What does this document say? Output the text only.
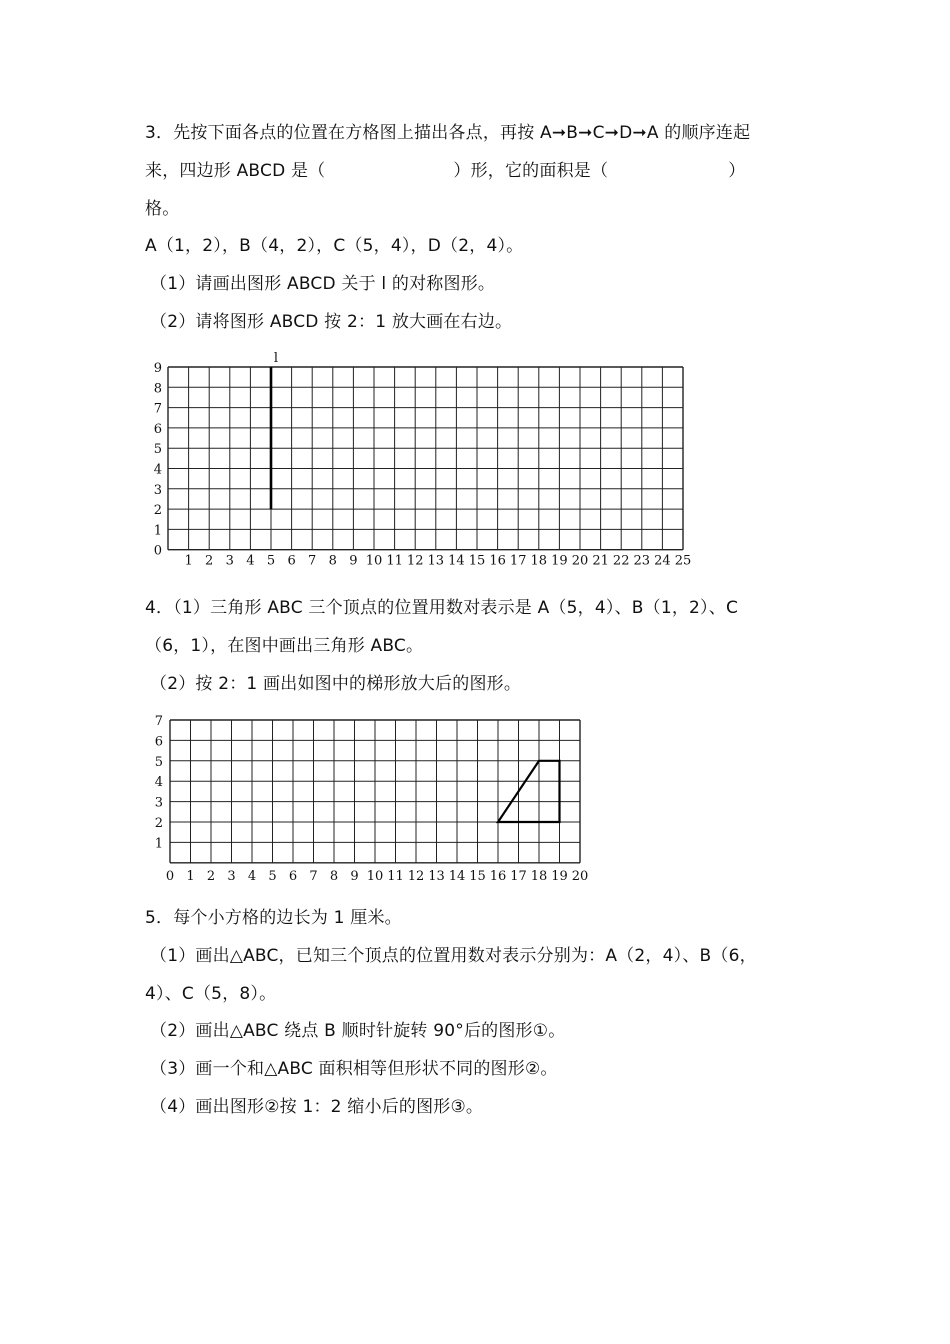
3．先按下面各点的位置在方格图上描出各点，再按 A➞B➞C➞D➞A 的顺序连起
来，四边形 ABCD 是（	）形，它的面积是（	）
格。
A（1，2），B（4，2），C（5，4），D（2，4）。
（1）请画出图形 ABCD 关于 l 的对称图形。
（2）请将图形 ABCD 按 2：1 放大画在右边。
1 2 3 4 5 6 7 8 9 10 11 12 13 14 15 16 17 18 19 20 21 22 23 24 25
0
1
2
3
4
5
6
7
8
9
l
4．（1）三角形 ABC 三个顶点的位置用数对表示是 A（5，4）、B（1，2）、C
（6，1），在图中画出三角形 ABC。
（2）按 2：1 画出如图中的梯形放大后的图形。
0 1 2 3 4 5 6 7 8 9 10 11 12 13 14 15 16 17 18 19 20
1
2
3
4
5
6
7
5．每个小方格的边长为 1 厘米。
（1）画出△ABC，已知三个顶点的位置用数对表示分别为：A（2，4）、B（6，
4）、C（5，8）。
（2）画出△ABC 绕点 B 顺时针旋转 90°后的图形①。
（3）画一个和△ABC 面积相等但形状不同的图形②。
（4）画出图形②按 1：2 缩小后的图形③。
